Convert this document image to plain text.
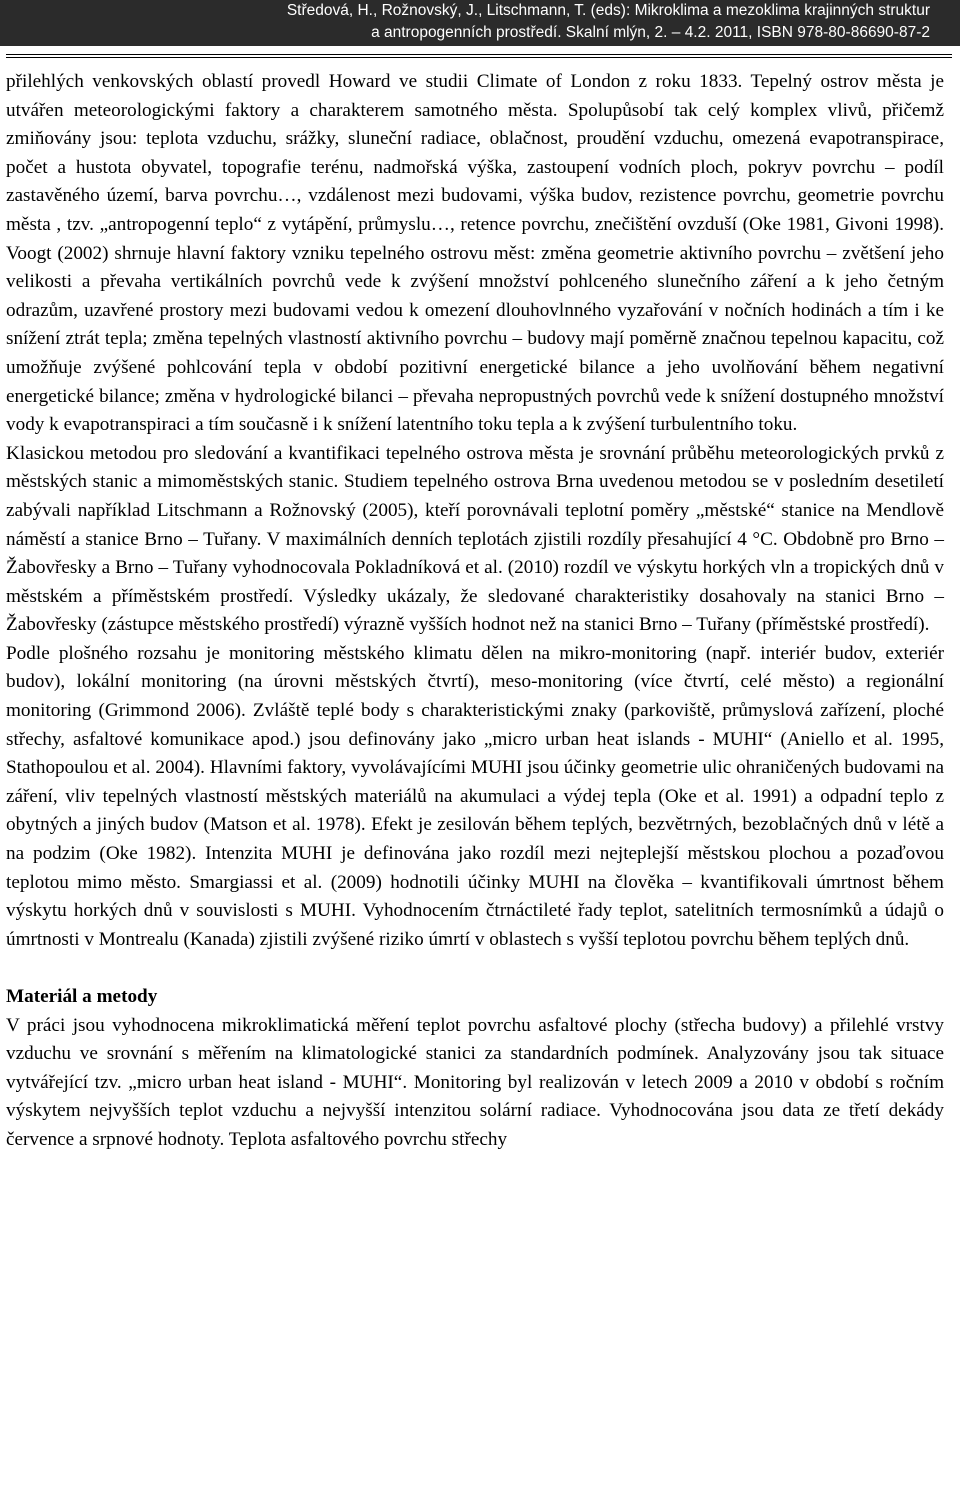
Středová, H., Rožnovský, J., Litschmann, T. (eds): Mikroklima a mezoklima krajinných struktur
a antropogenních prostředí. Skalní mlýn, 2. – 4.2. 2011, ISBN 978-80-86690-87-2

přilehlých venkovských oblastí provedl Howard ve studii Climate of London z roku 1833. Tepelný ostrov města je utvářen meteorologickými faktory a charakterem samotného města. Spolupůsobí tak celý komplex vlivů, přičemž zmiňovány jsou: teplota vzduchu, srážky, sluneční radiace, oblačnost, proudění vzduchu, omezená evapotranspirace, počet a hustota obyvatel, topografie terénu, nadmořská výška, zastoupení vodních ploch, pokryv povrchu – podíl zastavěného území, barva povrchu…, vzdálenost mezi budovami, výška budov, rezistence povrchu, geometrie povrchu města , tzv. „antropogenní teplo“ z vytápění, průmyslu…, retence povrchu, znečištění ovzduší (Oke 1981, Givoni 1998). Voogt (2002) shrnuje hlavní faktory vzniku tepelného ostrovu měst: změna geometrie aktivního povrchu – zvětšení jeho velikosti a převaha vertikálních povrchů vede k zvýšení množství pohlceného slunečního záření a k jeho četným odrazům, uzavřené prostory mezi budovami vedou k omezení dlouhovlnného vyzařování v nočních hodinách a tím i ke snížení ztrát tepla; změna tepelných vlastností aktivního povrchu – budovy mají poměrně značnou tepelnou kapacitu, což umožňuje zvýšené pohlcování tepla v období pozitivní energetické bilance a jeho uvolňování během negativní energetické bilance; změna v hydrologické bilanci – převaha nepropustných povrchů vede k snížení dostupného množství vody k evapotranspiraci a tím současně i k snížení latentního toku tepla a k zvýšení turbulentního toku.

Klasickou metodou pro sledování a kvantifikaci tepelného ostrova města je srovnání průběhu meteorologických prvků z městských stanic a mimoměstských stanic. Studiem tepelného ostrova Brna uvedenou metodou se v posledním desetiletí zabývali například Litschmann a Rožnovský (2005), kteří porovnávali teplotní poměry „městské“ stanice na Mendlově náměstí a stanice Brno – Tuřany. V maximálních denních teplotách zjistili rozdíly přesahující 4 °C. Obdobně pro Brno – Žabovřesky a Brno – Tuřany vyhodnocovala Pokladníková et al. (2010) rozdíl ve výskytu horkých vln a tropických dnů v městském a příměstském prostředí. Výsledky ukázaly, že sledované charakteristiky dosahovaly na stanici Brno – Žabovřesky (zástupce městského prostředí) výrazně vyšších hodnot než na stanici Brno – Tuřany (příměstské prostředí).

Podle plošného rozsahu je monitoring městského klimatu dělen na mikro-monitoring (např. interiér budov, exteriér budov), lokální monitoring (na úrovni městských čtvrtí), meso-monitoring (více čtvrtí, celé město) a regionální monitoring (Grimmond 2006). Zvláště teplé body s charakteristickými znaky (parkoviště, průmyslová zařízení, ploché střechy, asfaltové komunikace apod.) jsou definovány jako „micro urban heat islands - MUHI“ (Aniello et al. 1995, Stathopoulou et al. 2004). Hlavními faktory, vyvolávajícími MUHI jsou účinky geometrie ulic ohraničených budovami na záření, vliv tepelných vlastností městských materiálů na akumulaci a výdej tepla (Oke et al. 1991) a odpadní teplo z obytných a jiných budov (Matson et al. 1978). Efekt je zesilován během teplých, bezvětrných, bezoblačných dnů v létě a na podzim (Oke 1982). Intenzita MUHI je definována jako rozdíl mezi nejteplejší městskou plochou a pozaďovou teplotou mimo město. Smargiassi et al. (2009) hodnotili účinky MUHI na člověka – kvantifikovali úmrtnost během výskytu horkých dnů v souvislosti s MUHI. Vyhodnocením čtrnáctileté řady teplot, satelitních termosnímků a údajů o úmrtnosti v Montrealu (Kanada) zjistili zvýšené riziko úmrtí v oblastech s vyšší teplotou povrchu během teplých dnů.

Materiál a metody

V práci jsou vyhodnocena mikroklimatická měření teplot povrchu asfaltové plochy (střecha budovy) a přilehlé vrstvy vzduchu ve srovnání s měřením na klimatologické stanici za standardních podmínek. Analyzovány jsou tak situace vytvářející tzv. „micro urban heat island - MUHI“. Monitoring byl realizován v letech 2009 a 2010 v období s ročním výskytem nejvyšších teplot vzduchu a nejvyšší intenzitou solární radiace. Vyhodnocována jsou data ze třetí dekády července a srpnové hodnoty. Teplota asfaltového povrchu střechy
